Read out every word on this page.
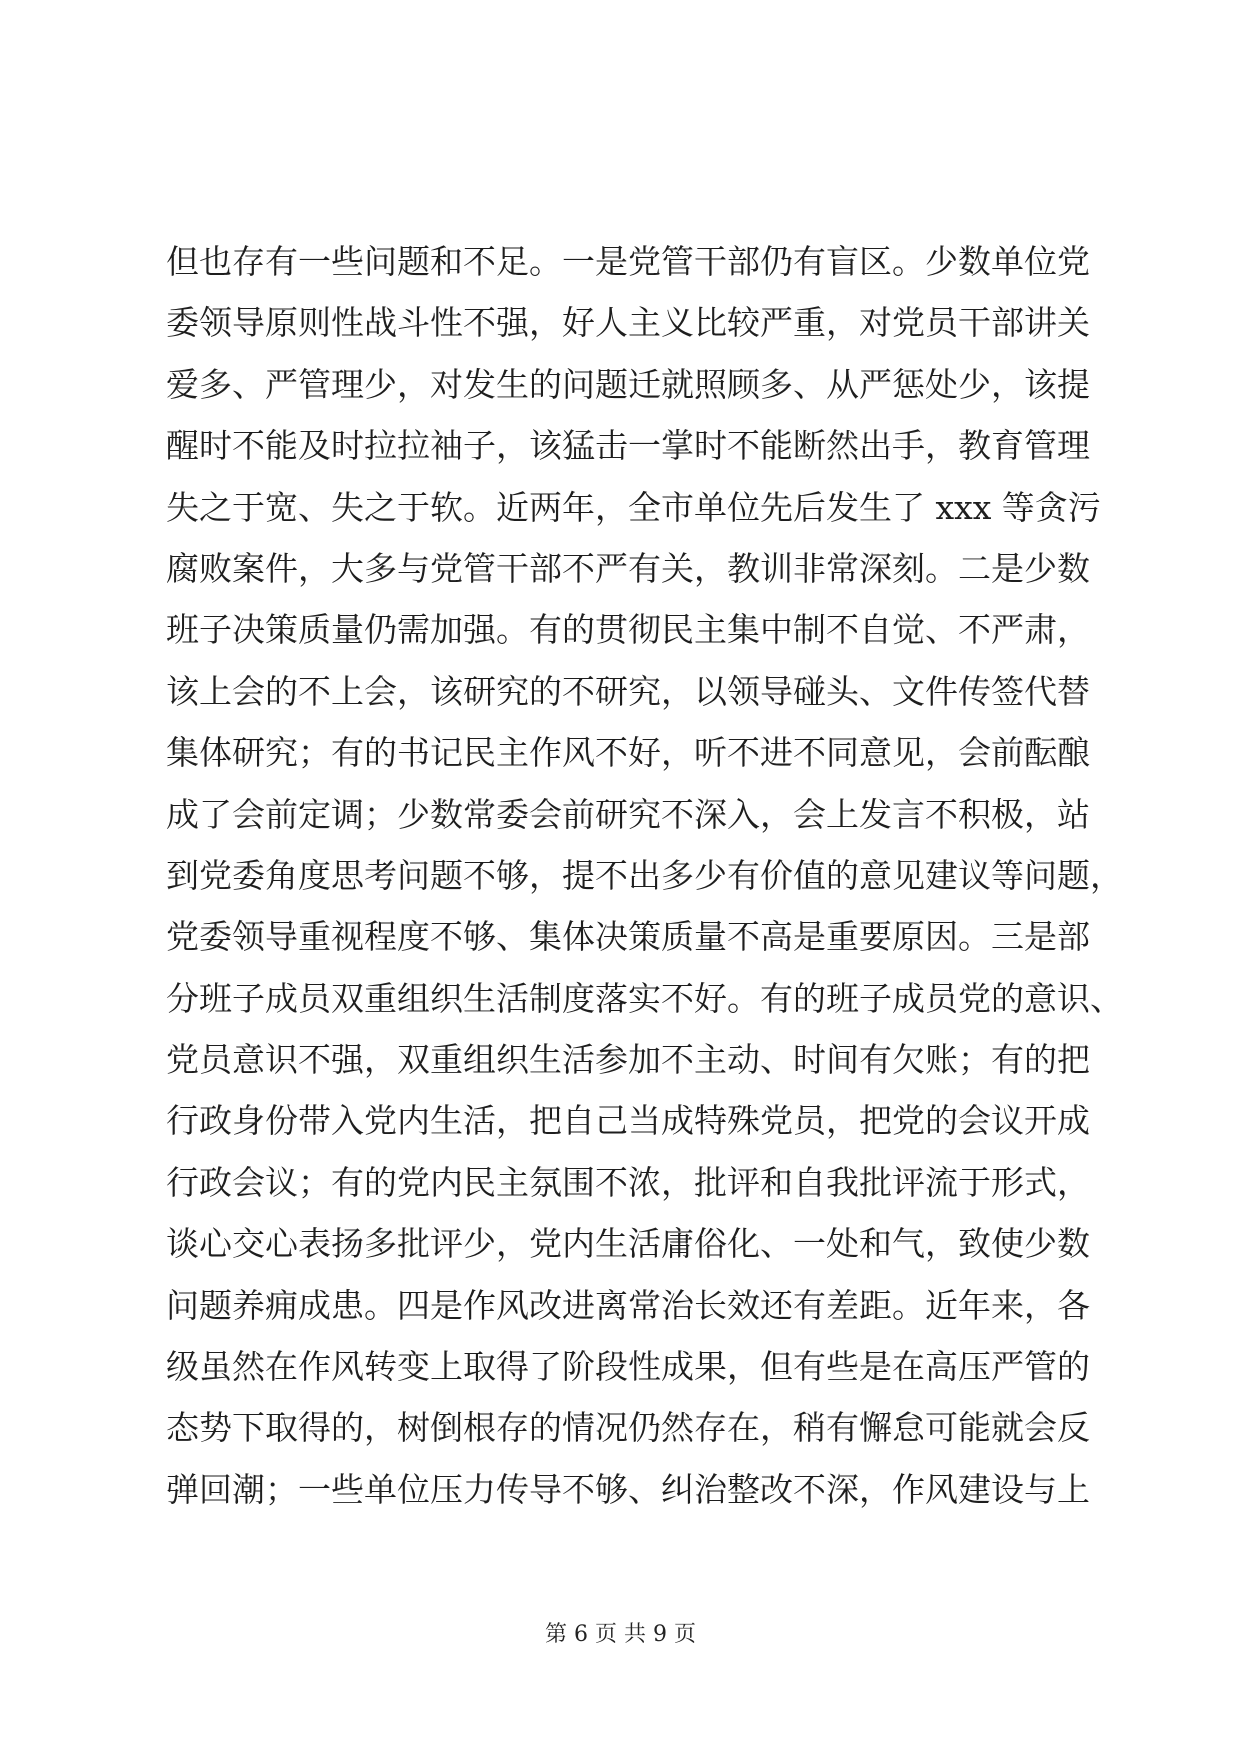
但也存有一些问题和不足。一是党管干部仍有盲区。少数单位党
委领导原则性战斗性不强，好人主义比较严重，对党员干部讲关
爱多、严管理少，对发生的问题迁就照顾多、从严惩处少，该提
醒时不能及时拉拉袖子，该猛击一掌时不能断然出手，教育管理
失之于宽、失之于软。近两年，全市单位先后发生了 xxx 等贪污
腐败案件，大多与党管干部不严有关，教训非常深刻。二是少数
班子决策质量仍需加强。有的贯彻民主集中制不自觉、不严肃，
该上会的不上会，该研究的不研究，以领导碰头、文件传签代替
集体研究；有的书记民主作风不好，听不进不同意见，会前酝酿
成了会前定调；少数常委会前研究不深入，会上发言不积极，站
到党委角度思考问题不够，提不出多少有价值的意见建议等问题，
党委领导重视程度不够、集体决策质量不高是重要原因。三是部
分班子成员双重组织生活制度落实不好。有的班子成员党的意识、
党员意识不强，双重组织生活参加不主动、时间有欠账；有的把
行政身份带入党内生活，把自己当成特殊党员，把党的会议开成
行政会议；有的党内民主氛围不浓，批评和自我批评流于形式，
谈心交心表扬多批评少，党内生活庸俗化、一处和气，致使少数
问题养痈成患。四是作风改进离常治长效还有差距。近年来，各
级虽然在作风转变上取得了阶段性成果，但有些是在高压严管的
态势下取得的，树倒根存的情况仍然存在，稍有懈怠可能就会反
弹回潮；一些单位压力传导不够、纠治整改不深，作风建设与上
第 6 页 共 9 页
